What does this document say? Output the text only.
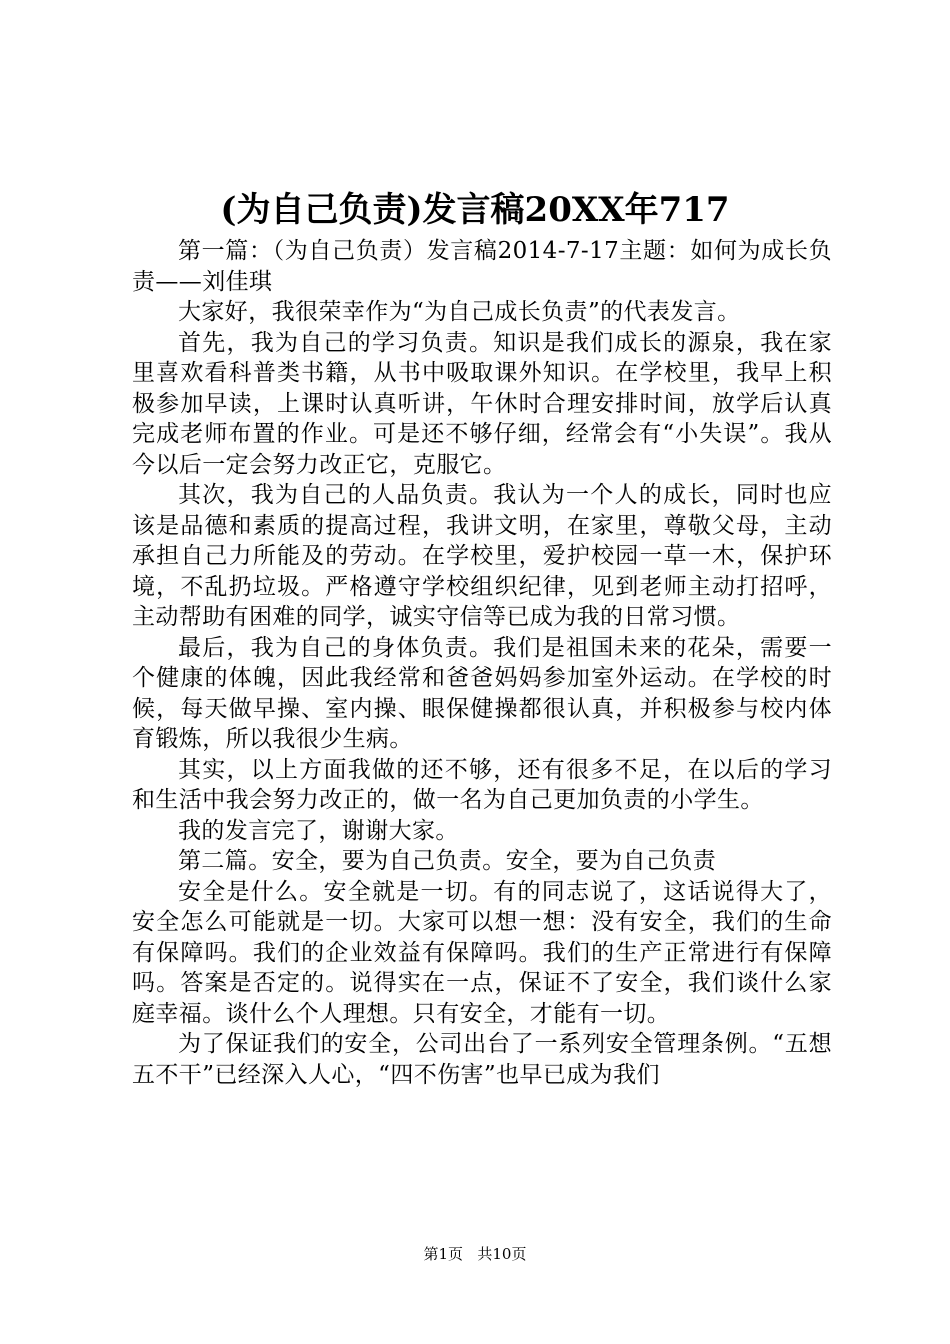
(为自己负责)发言稿20XX年717

第一篇：（为自己负责）发言稿2014-7-17主题：如何为成长负责——刘佳琪

大家好，我很荣幸作为“为自己成长负责”的代表发言。

首先，我为自己的学习负责。知识是我们成长的源泉，我在家里喜欢看科普类书籍，从书中吸取课外知识。在学校里，我早上积极参加早读，上课时认真听讲，午休时合理安排时间，放学后认真完成老师布置的作业。可是还不够仔细，经常会有“小失误”。我从今以后一定会努力改正它，克服它。

其次，我为自己的人品负责。我认为一个人的成长，同时也应该是品德和素质的提高过程，我讲文明，在家里，尊敬父母，主动承担自己力所能及的劳动。在学校里，爱护校园一草一木，保护环境，不乱扔垃圾。严格遵守学校组织纪律，见到老师主动打招呼，主动帮助有困难的同学，诚实守信等已成为我的日常习惯。

最后，我为自己的身体负责。我们是祖国未来的花朵，需要一个健康的体魄，因此我经常和爸爸妈妈参加室外运动。在学校的时候，每天做早操、室内操、眼保健操都很认真，并积极参与校内体育锻炼，所以我很少生病。

其实，以上方面我做的还不够，还有很多不足，在以后的学习和生活中我会努力改正的，做一名为自己更加负责的小学生。

我的发言完了，谢谢大家。

第二篇。安全，要为自己负责。安全，要为自己负责

安全是什么。安全就是一切。有的同志说了，这话说得大了，安全怎么可能就是一切。大家可以想一想：没有安全，我们的生命有保障吗。我们的企业效益有保障吗。我们的生产正常进行有保障吗。答案是否定的。说得实在一点，保证不了安全，我们谈什么家庭幸福。谈什么个人理想。只有安全，才能有一切。

为了保证我们的安全，公司出台了一系列安全管理条例。“五想五不干”已经深入人心，“四不伤害”也早已成为我们

第1页 共10页
